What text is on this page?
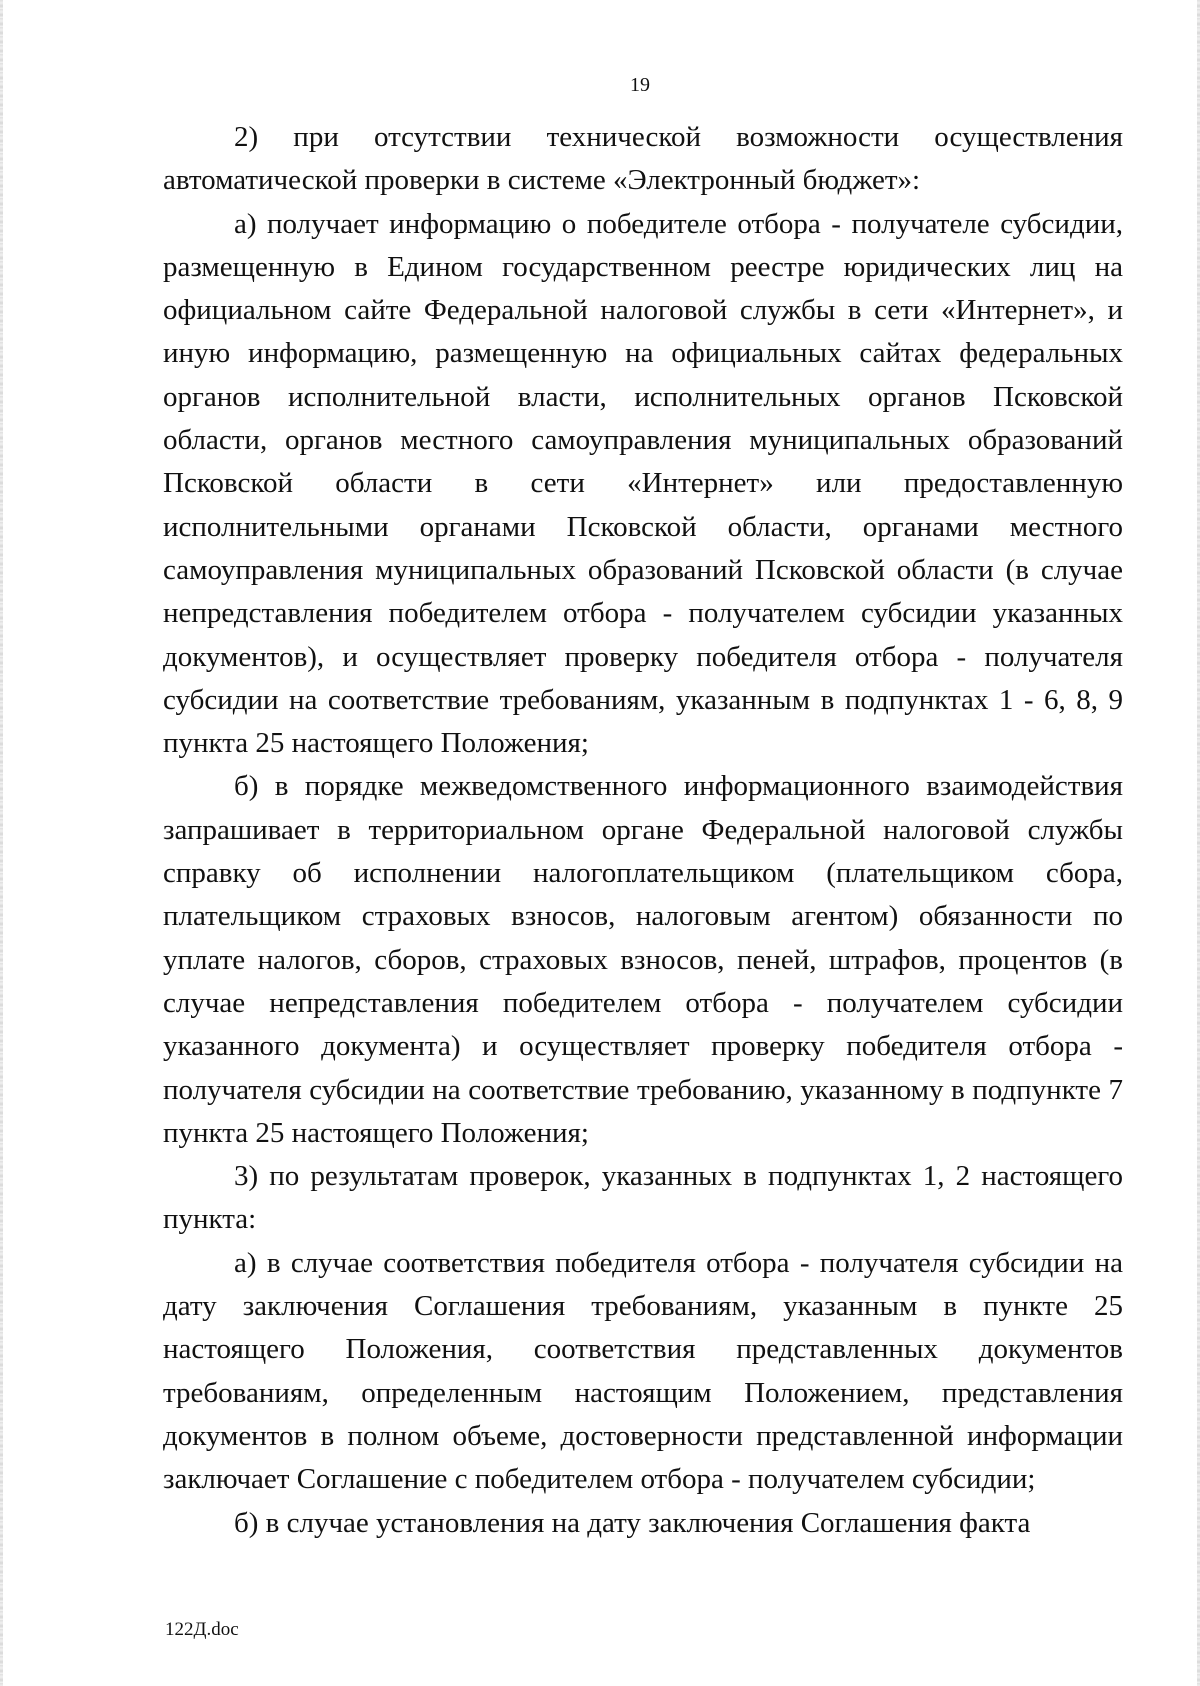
19

2) при отсутствии технической возможности осуществления автоматической проверки в системе «Электронный бюджет»:

а) получает информацию о победителе отбора - получателе субсидии, размещенную в Едином государственном реестре юридических лиц на официальном сайте Федеральной налоговой службы в сети «Интернет», и иную информацию, размещенную на официальных сайтах федеральных органов исполнительной власти, исполнительных органов Псковской области, органов местного самоуправления муниципальных образований Псковской области в сети «Интернет» или предоставленную исполнительными органами Псковской области, органами местного самоуправления муниципальных образований Псковской области (в случае непредставления победителем отбора - получателем субсидии указанных документов), и осуществляет проверку победителя отбора - получателя субсидии на соответствие требованиям, указанным в подпунктах 1 - 6, 8, 9 пункта 25 настоящего Положения;

б) в порядке межведомственного информационного взаимодействия запрашивает в территориальном органе Федеральной налоговой службы справку об исполнении налогоплательщиком (плательщиком сбора, плательщиком страховых взносов, налоговым агентом) обязанности по уплате налогов, сборов, страховых взносов, пеней, штрафов, процентов (в случае непредставления победителем отбора - получателем субсидии указанного документа) и осуществляет проверку победителя отбора - получателя субсидии на соответствие требованию, указанному в подпункте 7 пункта 25 настоящего Положения;

3) по результатам проверок, указанных в подпунктах 1, 2 настоящего пункта:

а) в случае соответствия победителя отбора - получателя субсидии на дату заключения Соглашения требованиям, указанным в пункте 25 настоящего Положения, соответствия представленных документов требованиям, определенным настоящим Положением, представления документов в полном объеме, достоверности представленной информации заключает Соглашение с победителем отбора - получателем субсидии;

б) в случае установления на дату заключения Соглашения факта

122Д.doc
